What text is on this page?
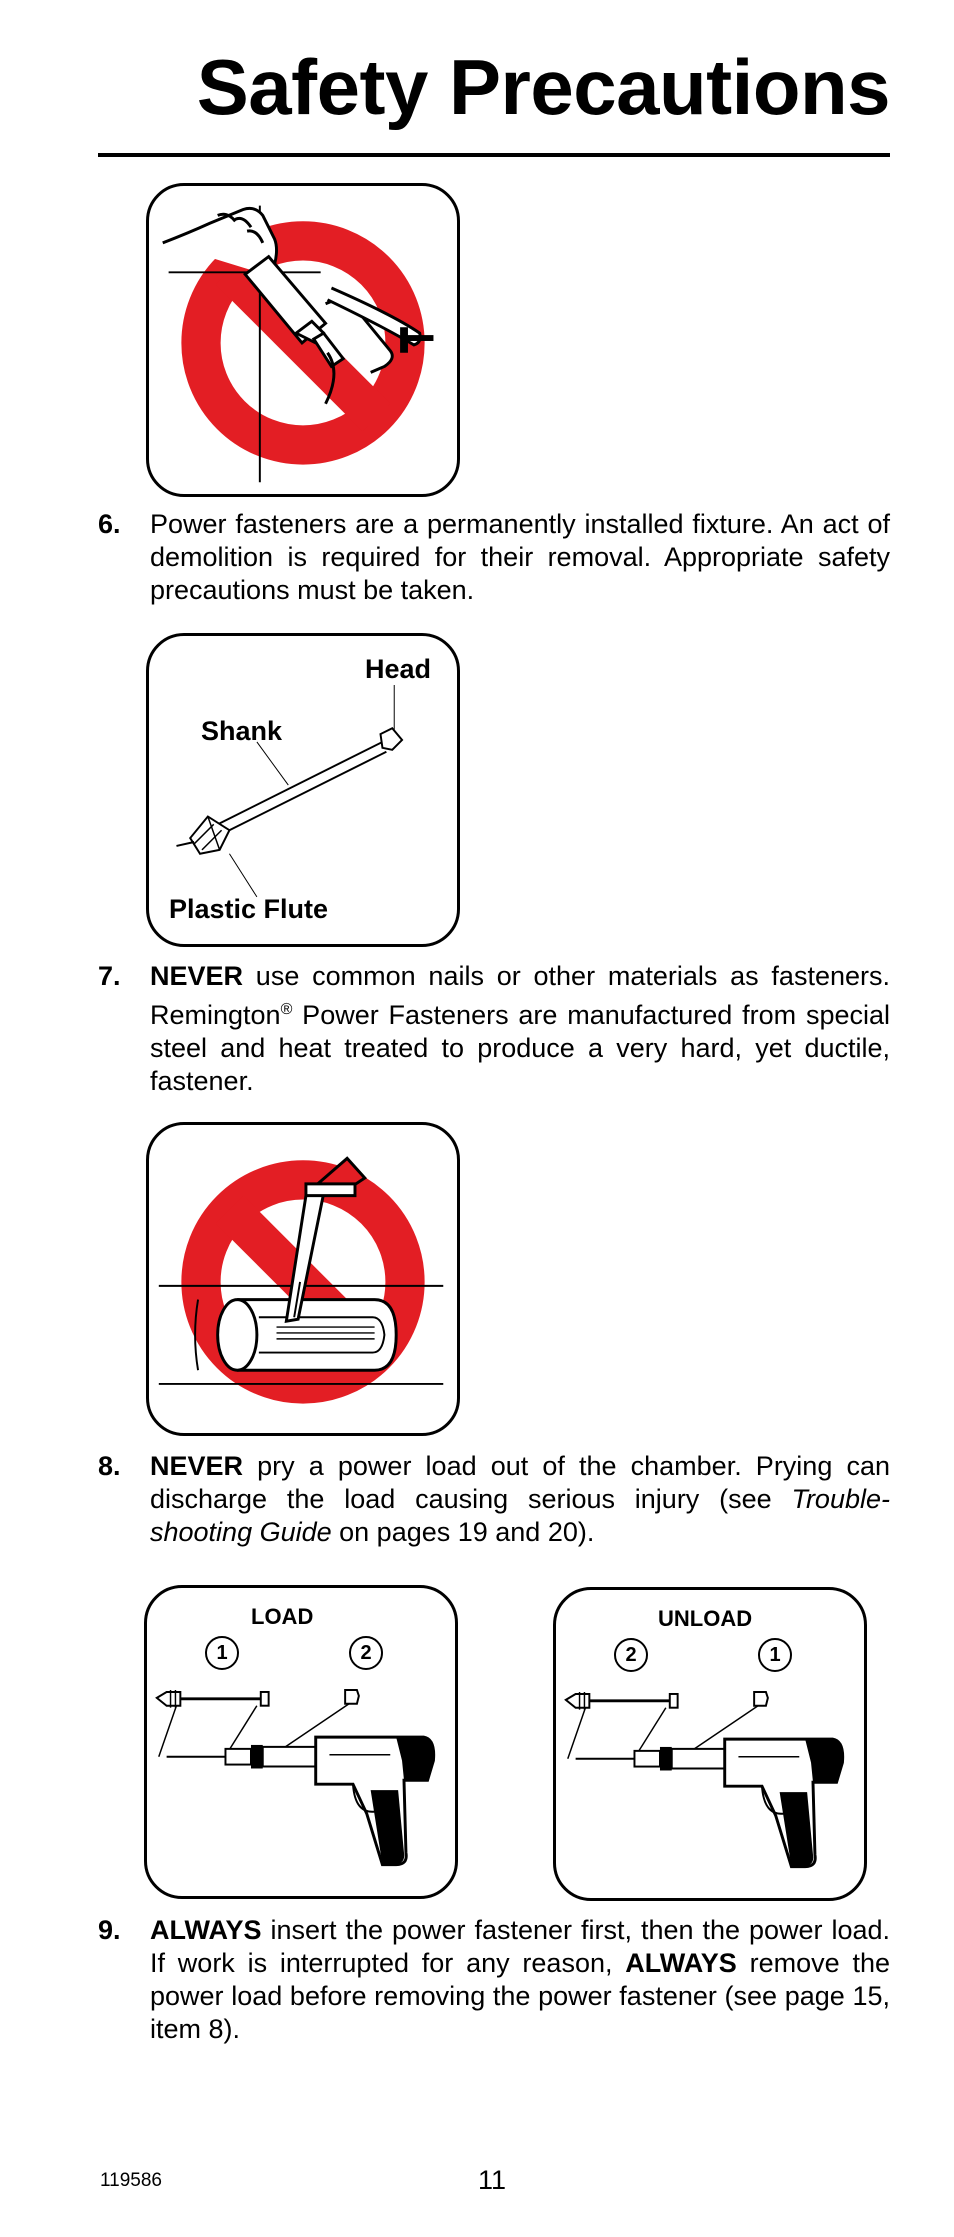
Safety Precautions

6. Power fasteners are a permanently installed fixture. An act of demolition is required for their removal. Appropriate safety precautions must be taken.

Head
Shank
Plastic Flute

7. NEVER use common nails or other materials as fasteners. Remington® Power Fasteners are manufactured from special steel and heat treated to produce a very hard, yet ductile, fastener.

8. NEVER pry a power load out of the chamber. Prying can discharge the load causing serious injury (see Trouble-shooting Guide on pages 19 and 20).

LOAD
1	2
UNLOAD
2	1

9. ALWAYS insert the power fastener first, then the power load. If work is interrupted for any reason, ALWAYS remove the power load before removing the power fastener (see page 15, item 8).

119586	11
